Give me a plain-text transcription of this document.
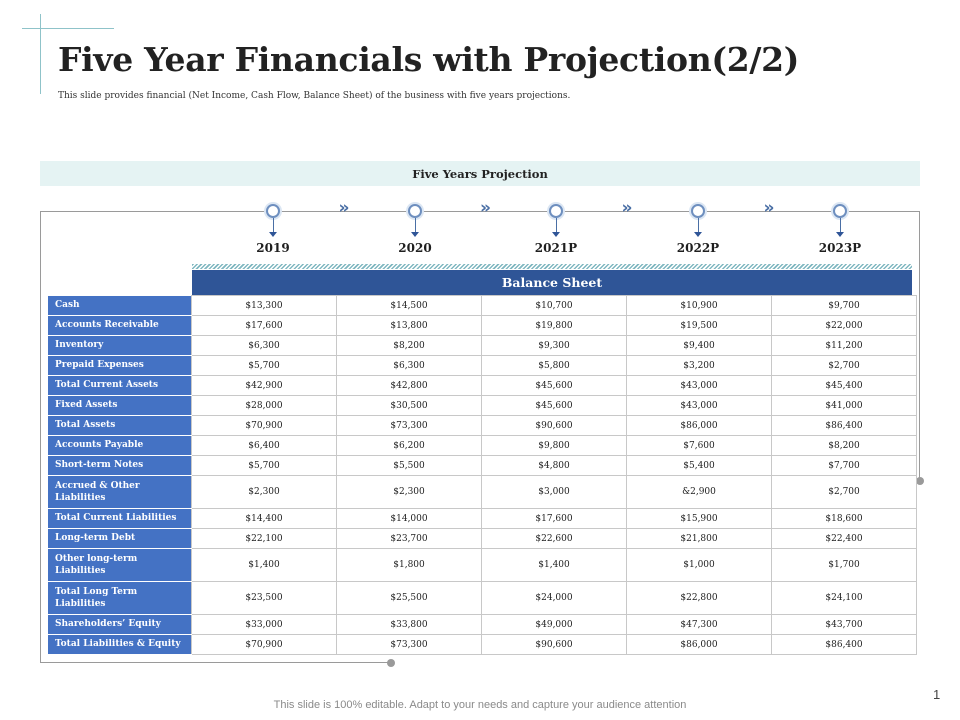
Five Year Financials with Projection(2/2)
This slide provides financial (Net Income, Cash Flow, Balance Sheet) of the business with five years projections.
Five Years Projection
2019
»
2020
»
2021P
»
2022P
»
2023P
Balance Sheet
Cash	$13,300	$14,500	$10,700	$10,900	$9,700
Accounts Receivable	$17,600	$13,800	$19,800	$19,500	$22,000
Inventory	$6,300	$8,200	$9,300	$9,400	$11,200
Prepaid Expenses	$5,700	$6,300	$5,800	$3,200	$2,700
Total Current Assets	$42,900	$42,800	$45,600	$43,000	$45,400
Fixed Assets	$28,000	$30,500	$45,600	$43,000	$41,000
Total Assets	$70,900	$73,300	$90,600	$86,000	$86,400
Accounts Payable	$6,400	$6,200	$9,800	$7,600	$8,200
Short-term Notes	$5,700	$5,500	$4,800	$5,400	$7,700
Accrued & Other Liabilities	$2,300	$2,300	$3,000	&2,900	$2,700
Total Current Liabilities	$14,400	$14,000	$17,600	$15,900	$18,600
Long-term Debt	$22,100	$23,700	$22,600	$21,800	$22,400
Other long-term Liabilities	$1,400	$1,800	$1,400	$1,000	$1,700
Total Long Term Liabilities	$23,500	$25,500	$24,000	$22,800	$24,100
Shareholders’ Equity	$33,000	$33,800	$49,000	$47,300	$43,700
Total Liabilities & Equity	$70,900	$73,300	$90,600	$86,000	$86,400
This slide is 100% editable. Adapt to your needs and capture your audience attention
1
